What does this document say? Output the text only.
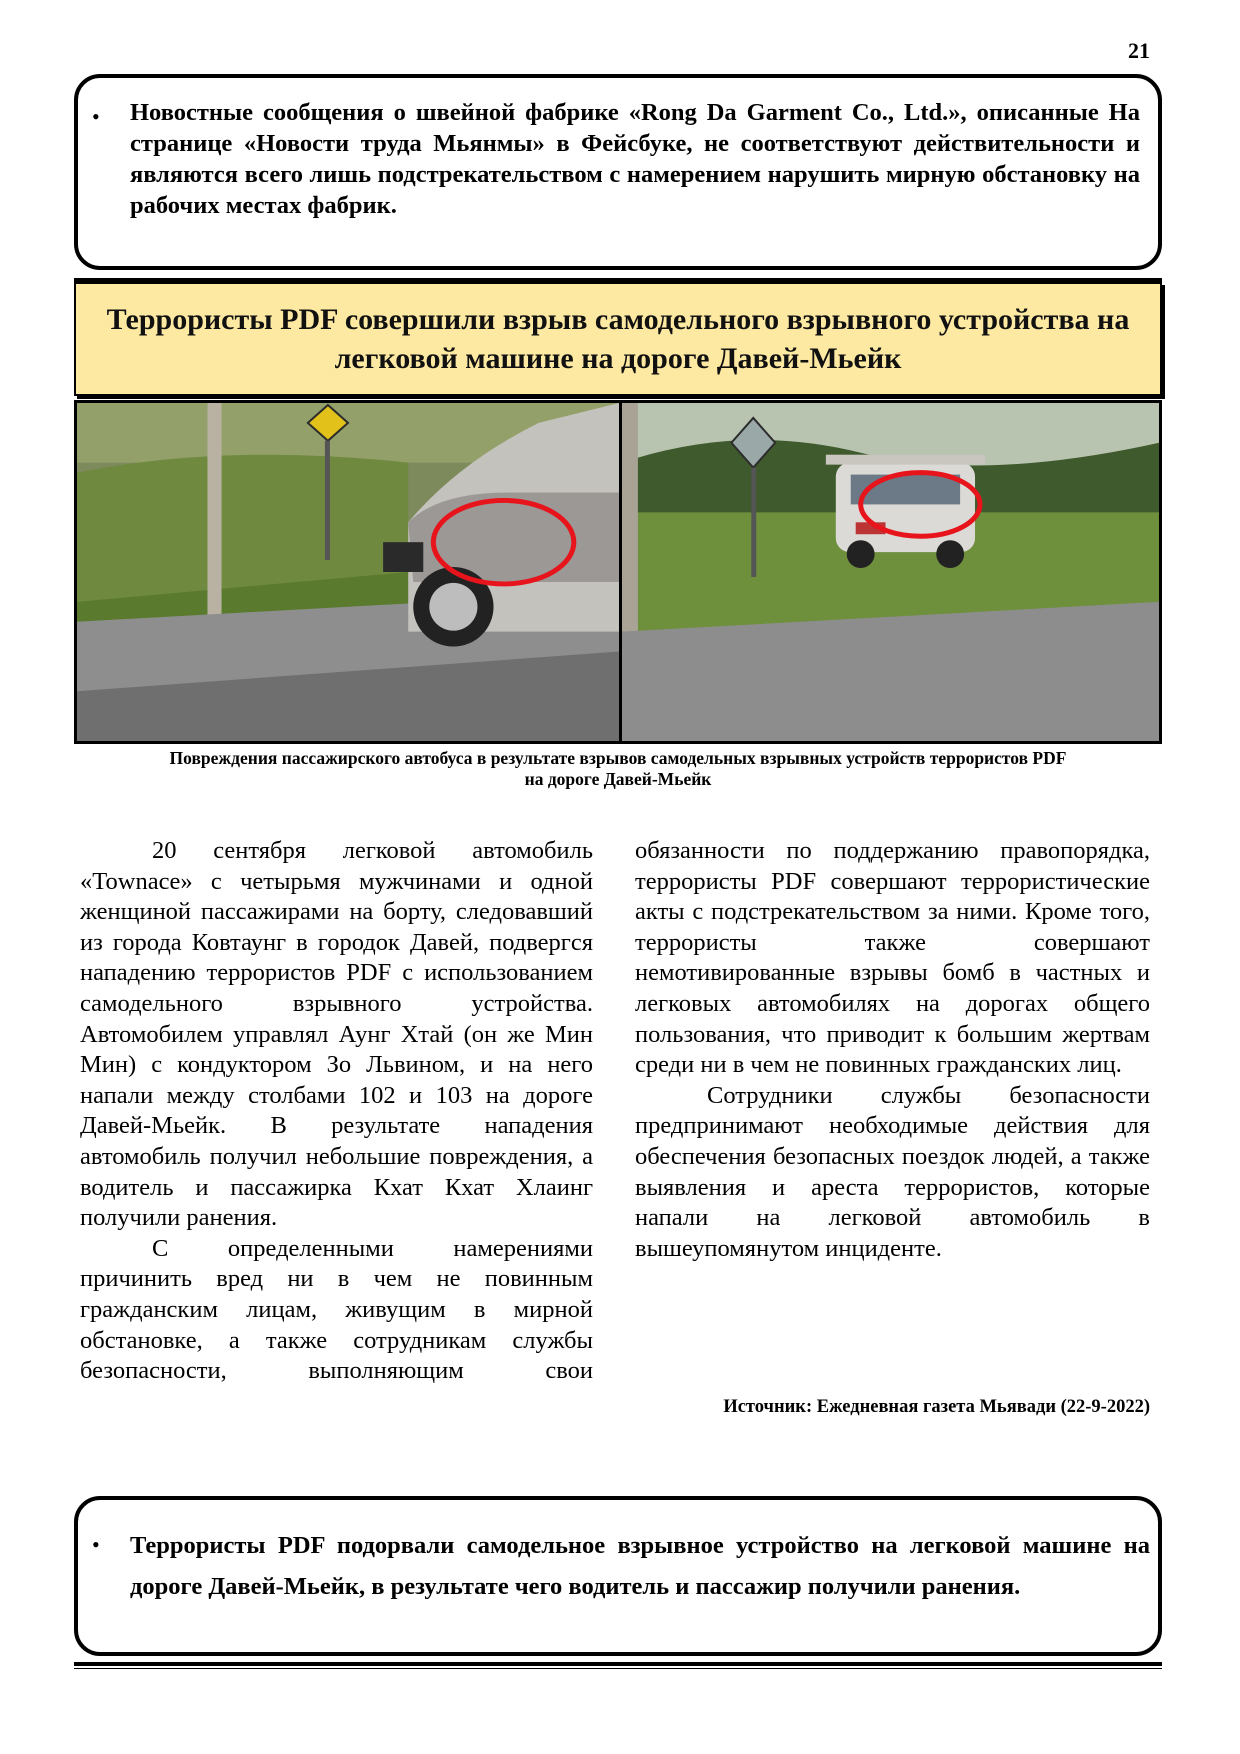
21
• Новостные сообщения о швейной фабрике «Rong Da Garment Co., Ltd.», описанные На странице «Новости труда Мьянмы» в Фейсбуке, не соответствуют действительности и являются всего лишь подстрекательством с намерением нарушить мирную обстановку на рабочих местах фабрик.
Террористы PDF совершили взрыв самодельного взрывного устройства на легковой машине на дороге Давей-Мьейк
Повреждения пассажирского автобуса в результате взрывов самодельных взрывных устройств террористов PDF
на дороге Давей-Мьейк

20 сентября легковой автомобиль «Townace» с четырьмя мужчинами и одной женщиной пассажирами на борту, следовавший из города Ковтаунг в городок Давей, подвергся нападению террористов PDF с использованием самодельного взрывного устройства. Автомобилем управлял Аунг Хтай (он же Мин Мин) с кондуктором Зо Львином, и на него напали между столбами 102 и 103 на дороге Давей-Мьейк. В результате нападения автомобиль получил небольшие повреждения, а водитель и пассажирка Кхат Кхат Хлаинг получили ранения.

С определенными намерениями причинить вред ни в чем не повинным гражданским лицам, живущим в мирной обстановке, а также сотрудникам службы безопасности, выполняющим свои

обязанности по поддержанию правопорядка, террористы PDF совершают террористические акты с подстрекательством за ними. Кроме того, террористы также совершают немотивированные взрывы бомб в частных и легковых автомобилях на дорогах общего пользования, что приводит к большим жертвам среди ни в чем не повинных гражданских лиц.

Сотрудники службы безопасности предпринимают необходимые действия для обеспечения безопасных поездок людей, а также выявления и ареста террористов, которые напали на легковой автомобиль в вышеупомянутом инциденте.

Источник: Ежедневная газета Мьявади (22-9-2022)
• Террористы PDF подорвали самодельное взрывное устройство на легковой машине на дороге Давей-Мьейк, в результате чего водитель и пассажир получили ранения.
